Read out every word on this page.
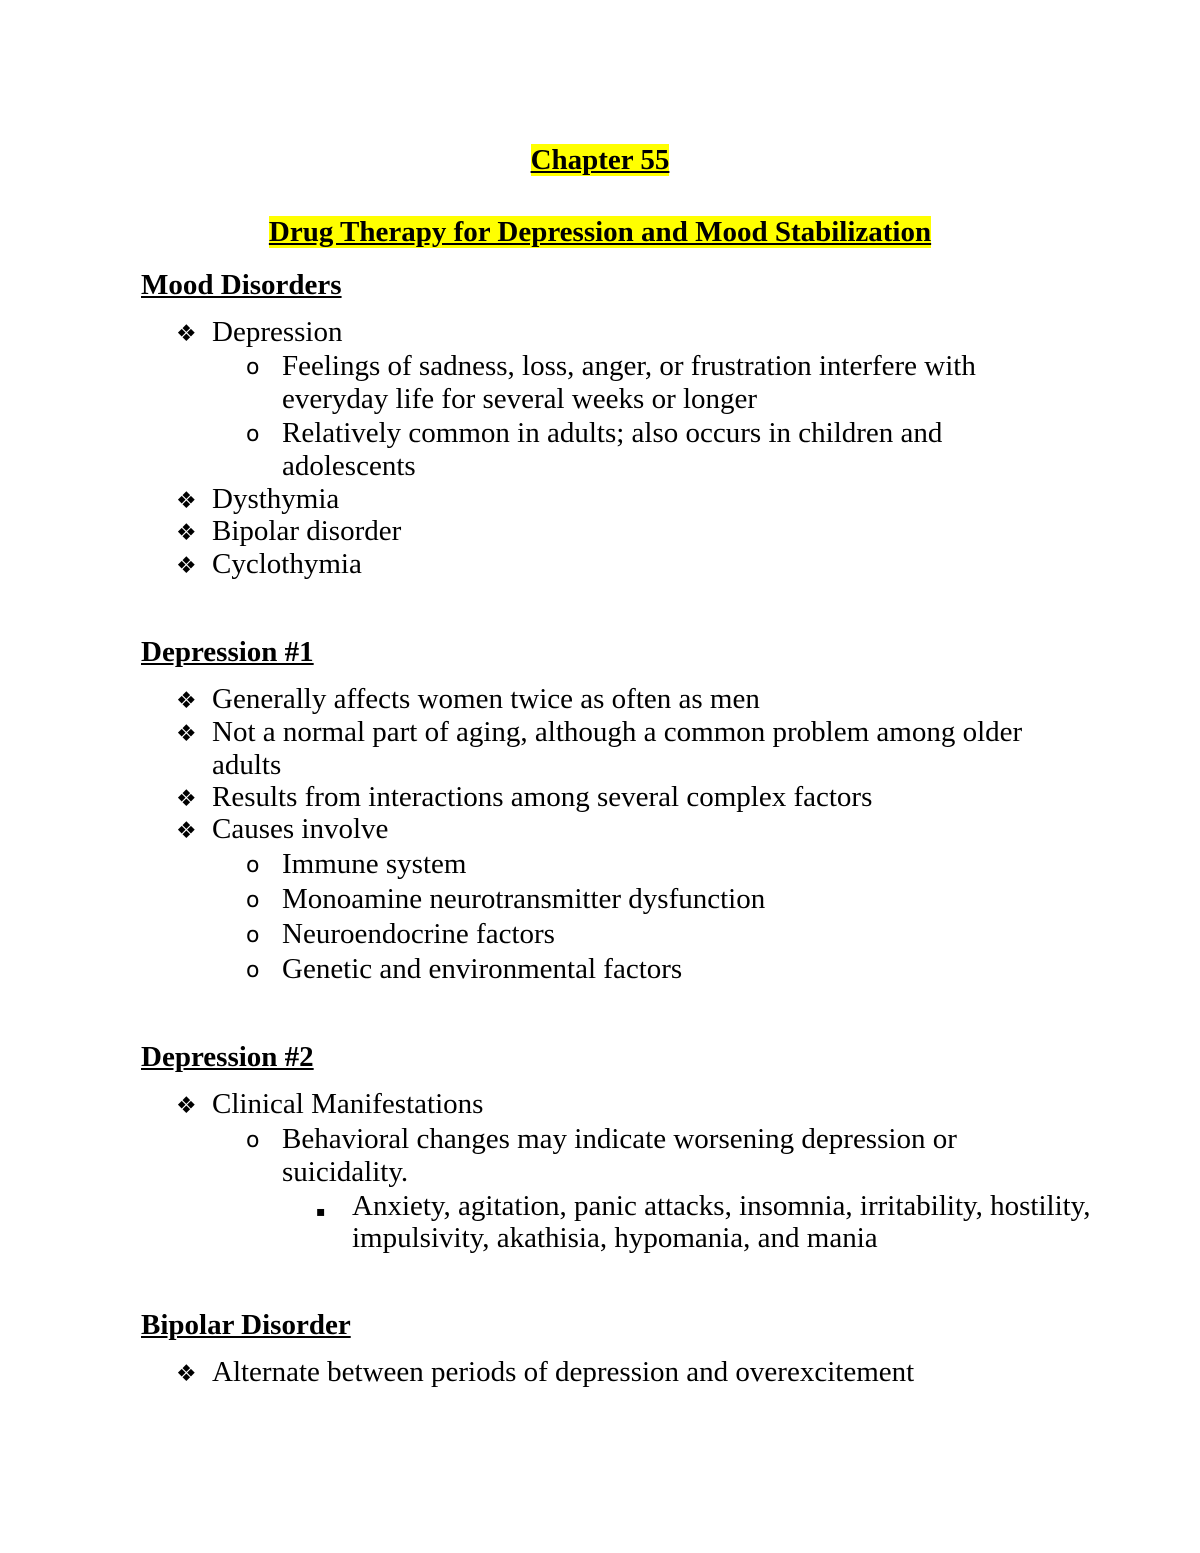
Chapter 55
Drug Therapy for Depression and Mood Stabilization
Mood Disorders
❖ Depression
o Feelings of sadness, loss, anger, or frustration interfere with everyday life for several weeks or longer
o Relatively common in adults; also occurs in children and adolescents
❖ Dysthymia
❖ Bipolar disorder
❖ Cyclothymia
Depression #1
❖ Generally affects women twice as often as men
❖ Not a normal part of aging, although a common problem among older adults
❖ Results from interactions among several complex factors
❖ Causes involve
o Immune system
o Monoamine neurotransmitter dysfunction
o Neuroendocrine factors
o Genetic and environmental factors
Depression #2
❖ Clinical Manifestations
o Behavioral changes may indicate worsening depression or suicidality.
▪ Anxiety, agitation, panic attacks, insomnia, irritability, hostility, impulsivity, akathisia, hypomania, and mania
Bipolar Disorder
❖ Alternate between periods of depression and overexcitement
